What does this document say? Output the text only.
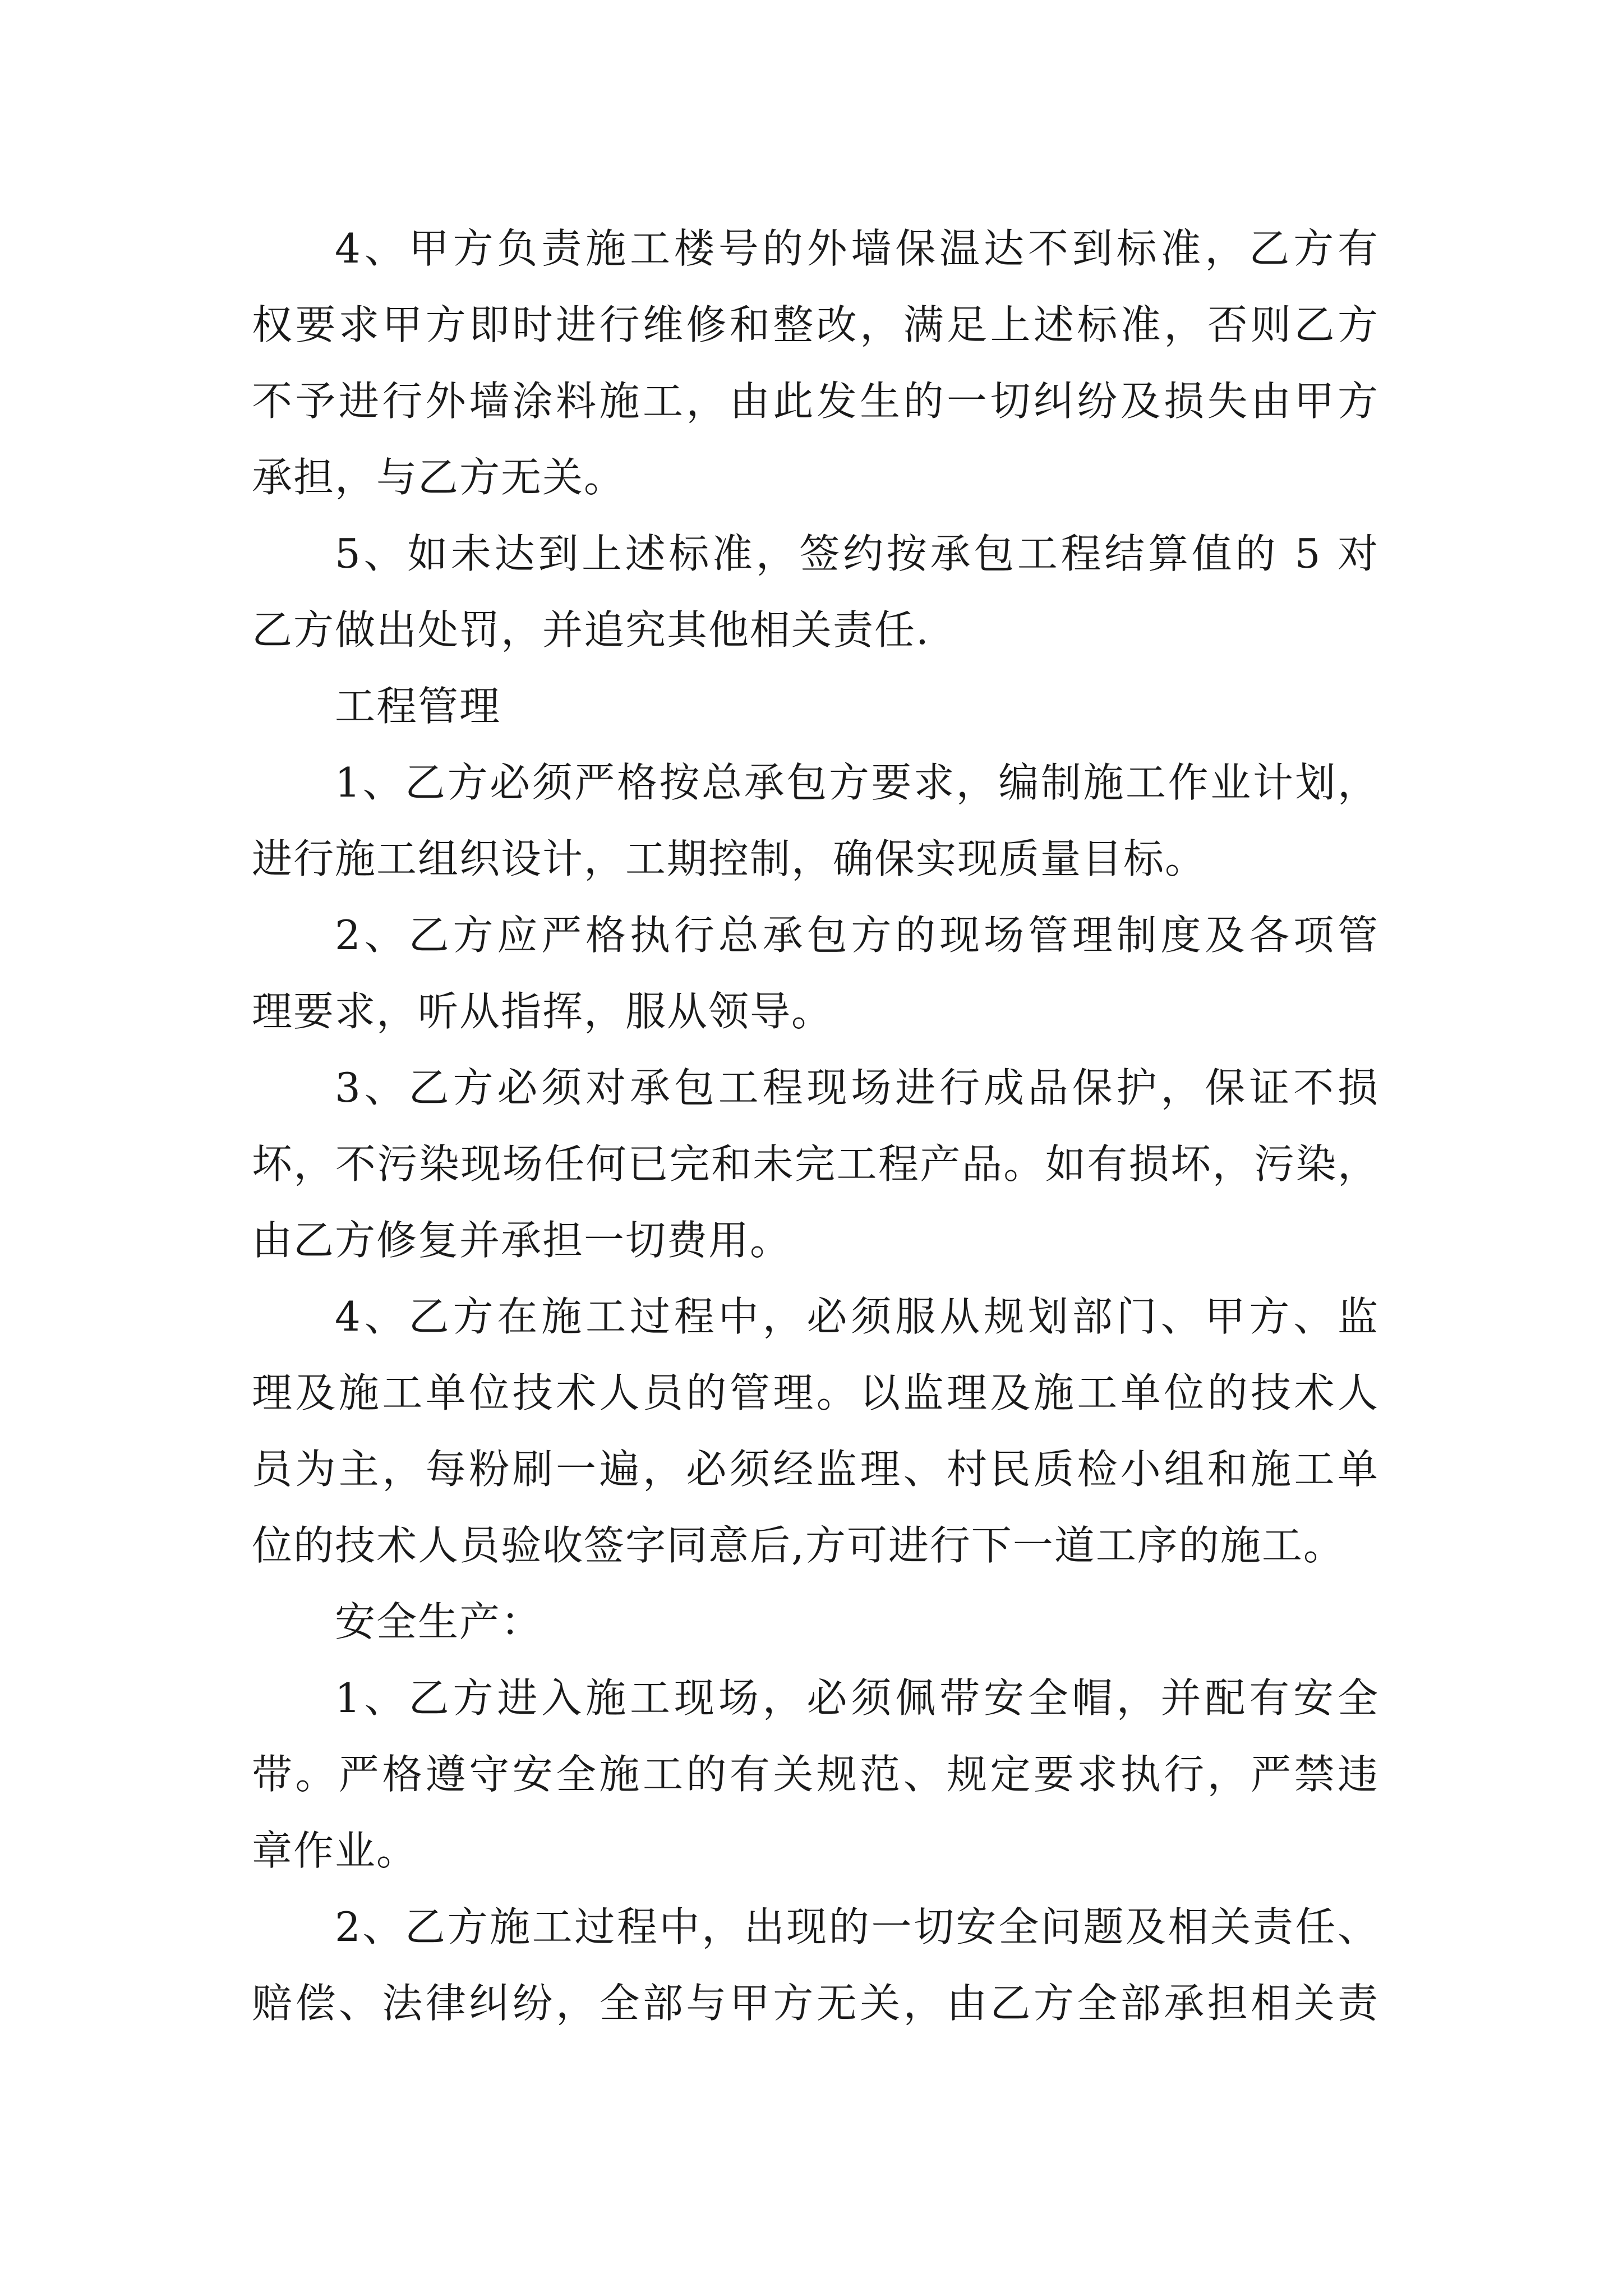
4、甲方负责施工楼号的外墙保温达不到标准，乙方有
权要求甲方即时进行维修和整改，满足上述标准，否则乙方
不予进行外墙涂料施工，由此发生的一切纠纷及损失由甲方
承担，与乙方无关。
5、如未达到上述标准，签约按承包工程结算值的 5 对
乙方做出处罚，并追究其他相关责任.
工程管理
1、乙方必须严格按总承包方要求，编制施工作业计划，
进行施工组织设计，工期控制，确保实现质量目标。
2、乙方应严格执行总承包方的现场管理制度及各项管
理要求，听从指挥，服从领导。
3、乙方必须对承包工程现场进行成品保护，保证不损
坏，不污染现场任何已完和未完工程产品。如有损坏，污染，
由乙方修复并承担一切费用。
4、乙方在施工过程中，必须服从规划部门、甲方、监
理及施工单位技术人员的管理。以监理及施工单位的技术人
员为主，每粉刷一遍，必须经监理、村民质检小组和施工单
位的技术人员验收签字同意后,方可进行下一道工序的施工。
安全生产：
1、乙方进入施工现场，必须佩带安全帽，并配有安全
带。严格遵守安全施工的有关规范、规定要求执行，严禁违
章作业。
2、乙方施工过程中，出现的一切安全问题及相关责任、
赔偿、法律纠纷，全部与甲方无关，由乙方全部承担相关责
